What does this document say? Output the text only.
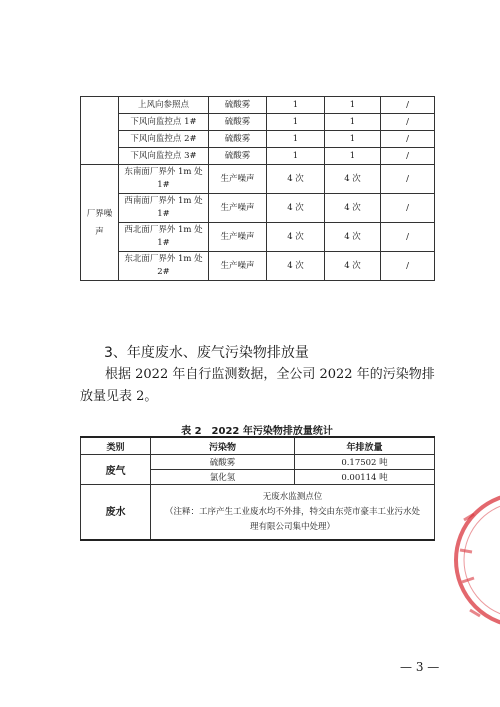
	上风向参照点	硫酸雾	1	1	/
	下风向监控点 1#	硫酸雾	1	1	/
	下风向监控点 2#	硫酸雾	1	1	/
	下风向监控点 3#	硫酸雾	1	1	/
厂界噪声	东南面厂界外 1m 处 1#	生产噪声	4 次	4 次	/
	西南面厂界外 1m 处 1#	生产噪声	4 次	4 次	/
	西北面厂界外 1m 处 1#	生产噪声	4 次	4 次	/
	东北面厂界外 1m 处 2#	生产噪声	4 次	4 次	/
3、年度废水、废气污染物排放量
根据 2022 年自行监测数据，全公司 2022 年的污染物排放量见表 2。
表 2　2022 年污染物排放量统计
类别	污染物	年排放量
废气	硫酸雾	0.17502 吨
	氯化氢	0.00114 吨
废水	无废水监测点位
（注释：工序产生工业废水均不外排，特交由东莞市豪丰工业污水处理有限公司集中处理）	
— 3 —
